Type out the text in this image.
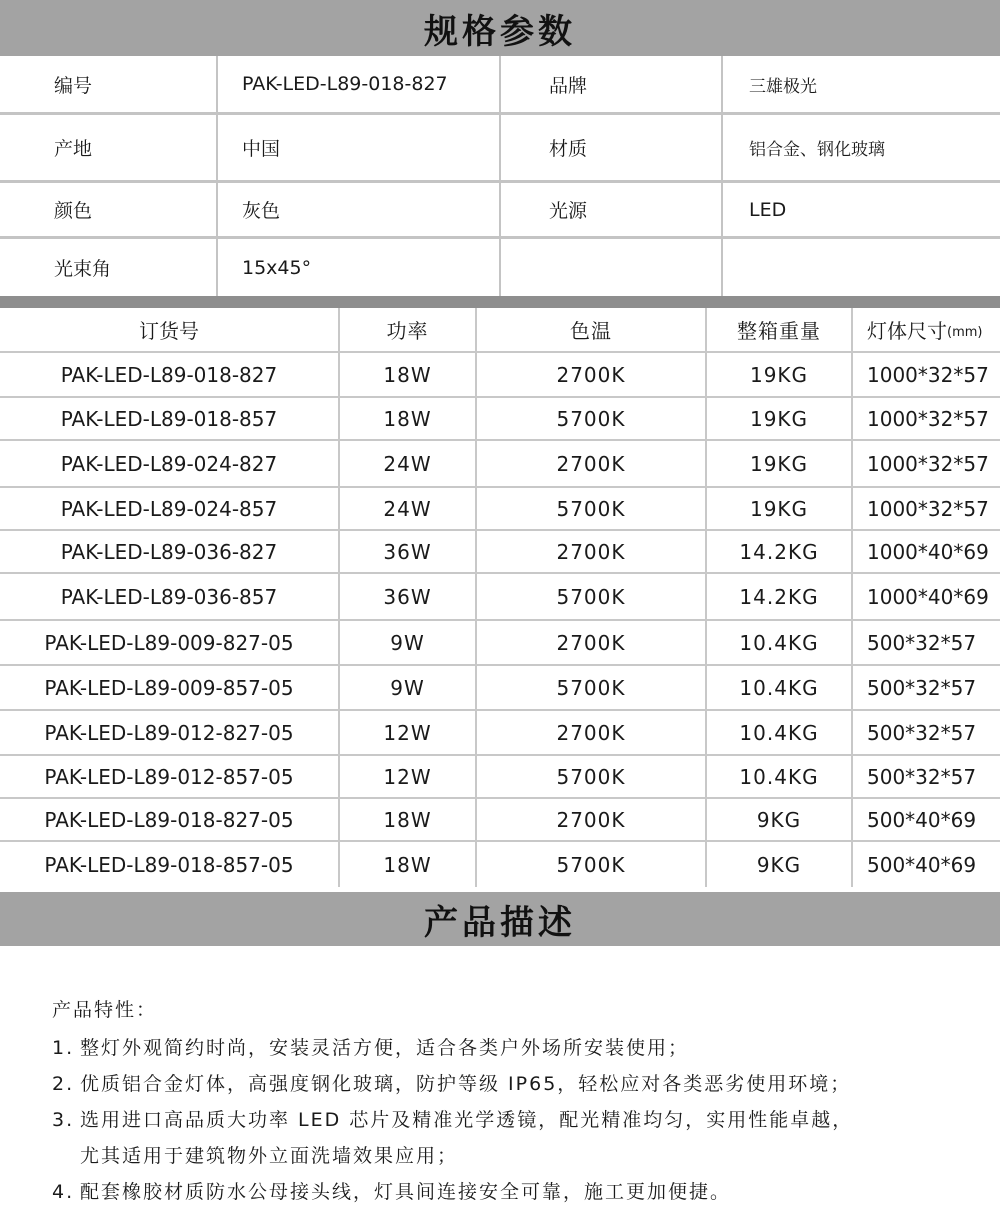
规格参数
编号	PAK-LED-L89-018-827	品牌	三雄极光
产地	中国	材质	铝合金、钢化玻璃
颜色	灰色	光源	LED
光束角	15x45°
订货号	功率	色温	整箱重量	灯体尺寸 (mm)
PAK-LED-L89-018-827	18W	2700K	19KG	1000*32*57
PAK-LED-L89-018-857	18W	5700K	19KG	1000*32*57
PAK-LED-L89-024-827	24W	2700K	19KG	1000*32*57
PAK-LED-L89-024-857	24W	5700K	19KG	1000*32*57
PAK-LED-L89-036-827	36W	2700K	14.2KG	1000*40*69
PAK-LED-L89-036-857	36W	5700K	14.2KG	1000*40*69
PAK-LED-L89-009-827-05	9W	2700K	10.4KG	500*32*57
PAK-LED-L89-009-857-05	9W	5700K	10.4KG	500*32*57
PAK-LED-L89-012-827-05	12W	2700K	10.4KG	500*32*57
PAK-LED-L89-012-857-05	12W	5700K	10.4KG	500*32*57
PAK-LED-L89-018-827-05	18W	2700K	9KG	500*40*69
PAK-LED-L89-018-857-05	18W	5700K	9KG	500*40*69
产品描述
产品特性：
1. 整灯外观简约时尚，安装灵活方便，适合各类户外场所安装使用；
2. 优质铝合金灯体，高强度钢化玻璃，防护等级 IP65，轻松应对各类恶劣使用环境；
3. 选用进口高品质大功率 LED 芯片及精准光学透镜，配光精准均匀，实用性能卓越，
尤其适用于建筑物外立面洗墙效果应用；
4. 配套橡胶材质防水公母接头线，灯具间连接安全可靠，施工更加便捷。
